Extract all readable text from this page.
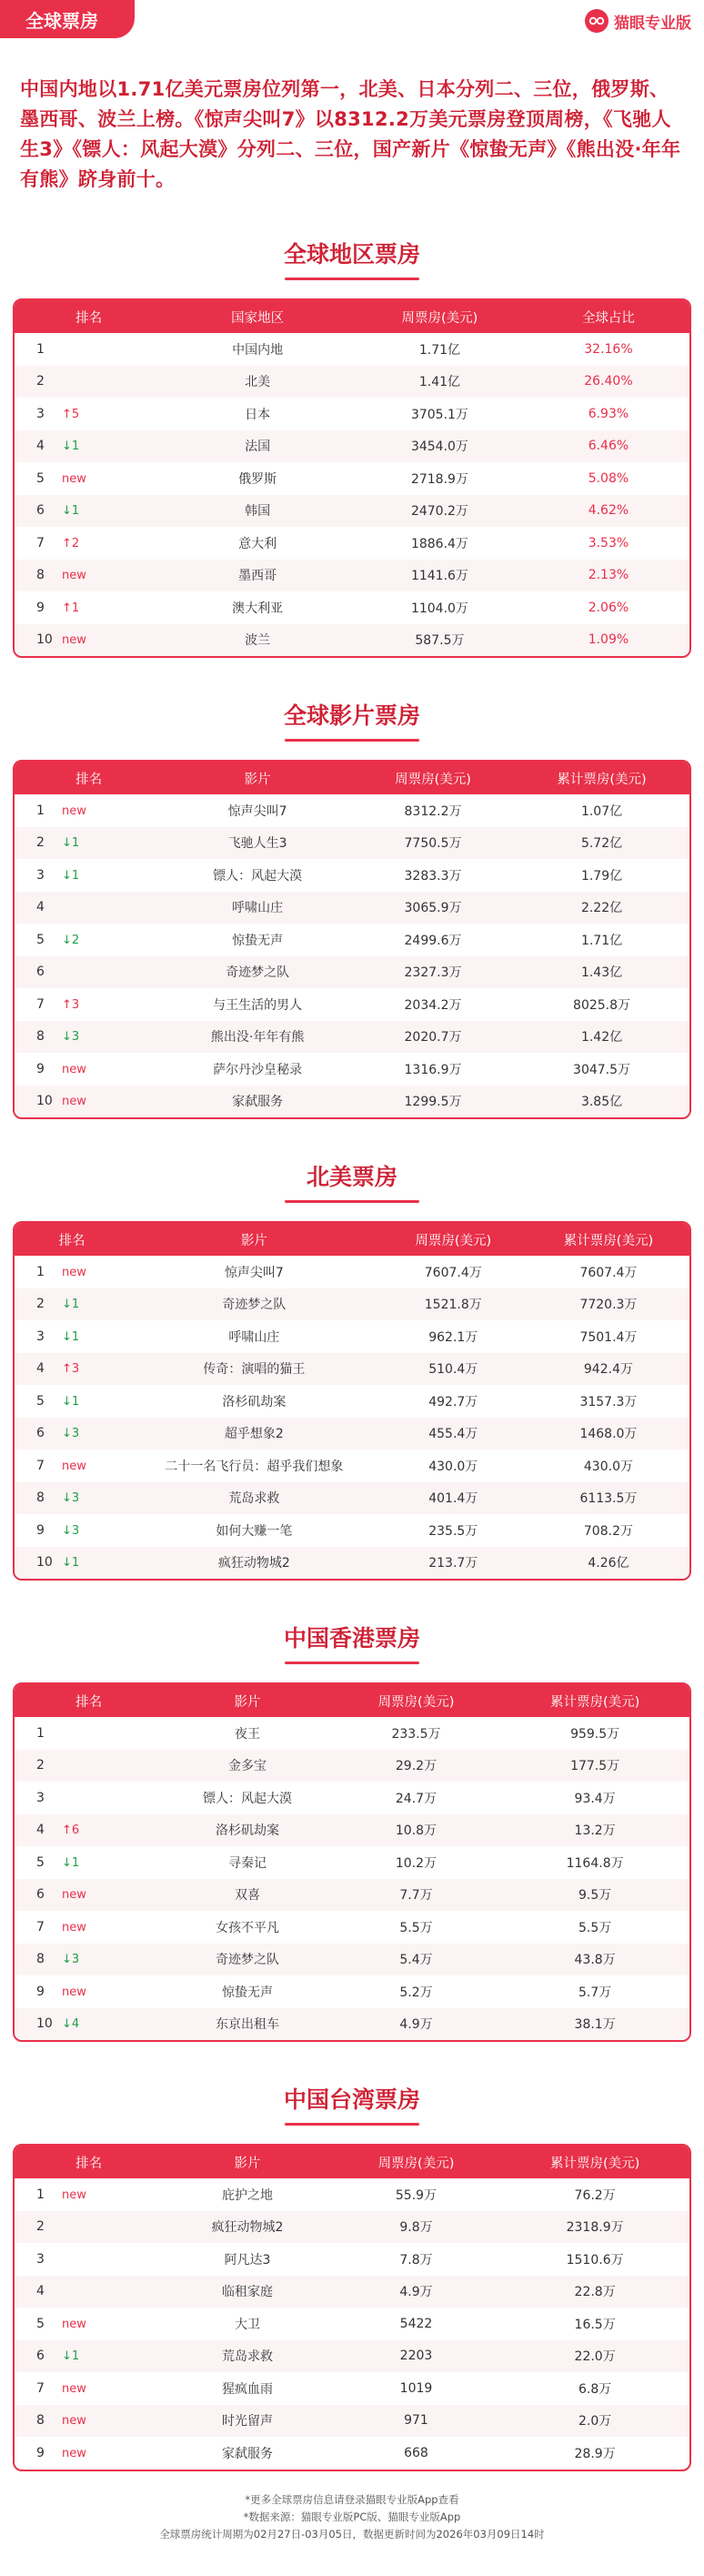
全球票房	猫眼专业版
中国内地以1.71亿美元票房位列第一，北美、日本分列二、三位，俄罗斯、墨西哥、波兰上榜。《惊声尖叫7》以8312.2万美元票房登顶周榜，《飞驰人生3》《镖人：风起大漠》分列二、三位，国产新片《惊蛰无声》《熊出没·年年有熊》跻身前十。
全球地区票房
排名	国家地区	周票房(美元)	全球占比
1	中国内地	1.71亿	32.16%
2	北美	1.41亿	26.40%
3 ↑5	日本	3705.1万	6.93%
4 ↓1	法国	3454.0万	6.46%
5 new	俄罗斯	2718.9万	5.08%
6 ↓1	韩国	2470.2万	4.62%
7 ↑2	意大利	1886.4万	3.53%
8 new	墨西哥	1141.6万	2.13%
9 ↑1	澳大利亚	1104.0万	2.06%
10 new	波兰	587.5万	1.09%
全球影片票房
排名	影片	周票房(美元)	累计票房(美元)
1 new	惊声尖叫7	8312.2万	1.07亿
2 ↓1	飞驰人生3	7750.5万	5.72亿
3 ↓1	镖人：风起大漠	3283.3万	1.79亿
4	呼啸山庄	3065.9万	2.22亿
5 ↓2	惊蛰无声	2499.6万	1.71亿
6	奇迹梦之队	2327.3万	1.43亿
7 ↑3	与王生活的男人	2034.2万	8025.8万
8 ↓3	熊出没·年年有熊	2020.7万	1.42亿
9 new	萨尔丹沙皇秘录	1316.9万	3047.5万
10 new	家弑服务	1299.5万	3.85亿
北美票房
排名	影片	周票房(美元)	累计票房(美元)
1 new	惊声尖叫7	7607.4万	7607.4万
2 ↓1	奇迹梦之队	1521.8万	7720.3万
3 ↓1	呼啸山庄	962.1万	7501.4万
4 ↑3	传奇：演唱的猫王	510.4万	942.4万
5 ↓1	洛杉矶劫案	492.7万	3157.3万
6 ↓3	超乎想象2	455.4万	1468.0万
7 new	二十一名飞行员：超乎我们想象	430.0万	430.0万
8 ↓3	荒岛求救	401.4万	6113.5万
9 ↓3	如何大赚一笔	235.5万	708.2万
10 ↓1	疯狂动物城2	213.7万	4.26亿
中国香港票房
排名	影片	周票房(美元)	累计票房(美元)
1	夜王	233.5万	959.5万
2	金多宝	29.2万	177.5万
3	镖人：风起大漠	24.7万	93.4万
4 ↑6	洛杉矶劫案	10.8万	13.2万
5 ↓1	寻秦记	10.2万	1164.8万
6 new	双喜	7.7万	9.5万
7 new	女孩不平凡	5.5万	5.5万
8 ↓3	奇迹梦之队	5.4万	43.8万
9 new	惊蛰无声	5.2万	5.7万
10 ↓4	东京出租车	4.9万	38.1万
中国台湾票房
排名	影片	周票房(美元)	累计票房(美元)
1 new	庇护之地	55.9万	76.2万
2	疯狂动物城2	9.8万	2318.9万
3	阿凡达3	7.8万	1510.6万
4	临租家庭	4.9万	22.8万
5 new	大卫	5422	16.5万
6 ↓1	荒岛求救	2203	22.0万
7 new	猩疯血雨	1019	6.8万
8 new	时光留声	971	2.0万
9 new	家弑服务	668	28.9万
*更多全球票房信息请登录猫眼专业版App查看
*数据来源：猫眼专业版PC版、猫眼专业版App
全球票房统计周期为02月27日-03月05日，数据更新时间为2026年03月09日14时
